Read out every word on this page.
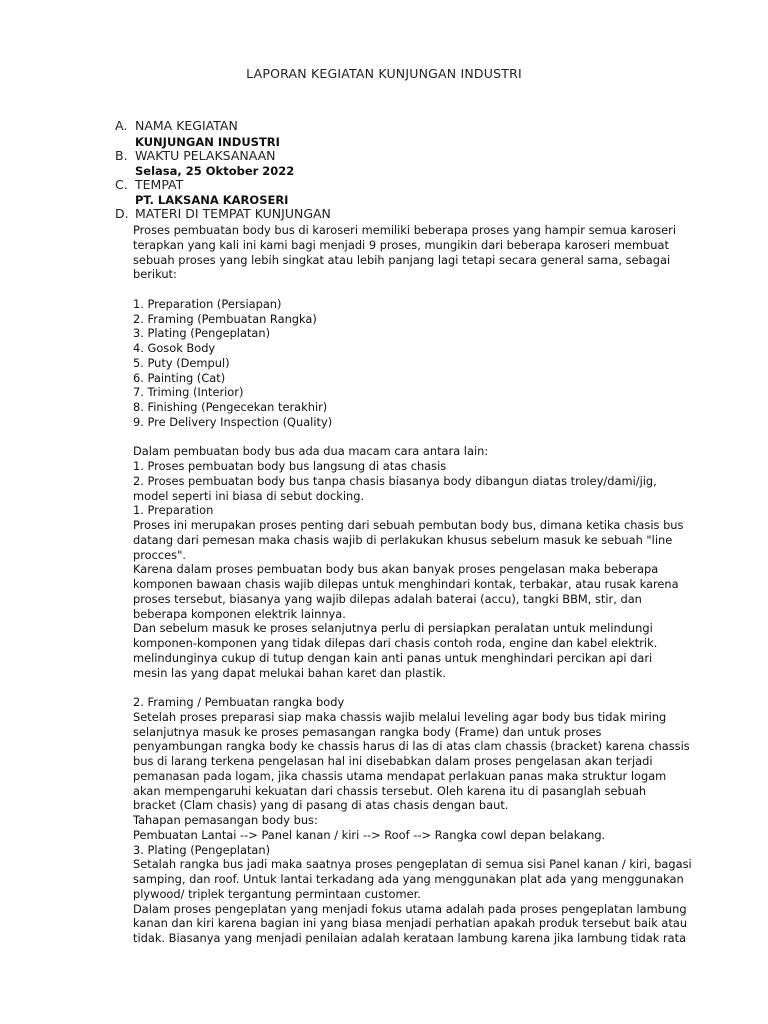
LAPORAN KEGIATAN KUNJUNGAN INDUSTRI
A. NAMA KEGIATAN
KUNJUNGAN INDUSTRI
B. WAKTU PELAKSANAAN
Selasa, 25 Oktober 2022
C. TEMPAT
PT. LAKSANA KAROSERI
D. MATERI DI TEMPAT KUNJUNGAN
Proses pembuatan body bus di karoseri memiliki beberapa proses yang hampir semua karoseri
terapkan yang kali ini kami bagi menjadi 9 proses, mungikin dari beberapa karoseri membuat
sebuah proses yang lebih singkat atau lebih panjang lagi tetapi secara general sama, sebagai
berikut:
1. Preparation (Persiapan)
2. Framing (Pembuatan Rangka)
3. Plating (Pengeplatan)
4. Gosok Body
5. Puty (Dempul)
6. Painting (Cat)
7. Triming (Interior)
8. Finishing (Pengecekan terakhir)
9. Pre Delivery Inspection (Quality)
Dalam pembuatan body bus ada dua macam cara antara lain:
1. Proses pembuatan body bus langsung di atas chasis
2. Proses pembuatan body bus tanpa chasis biasanya body dibangun diatas troley/dami/jig,
model seperti ini biasa di sebut docking.
1. Preparation
Proses ini merupakan proses penting dari sebuah pembutan body bus, dimana ketika chasis bus
datang dari pemesan maka chasis wajib di perlakukan khusus sebelum masuk ke sebuah "line
procces".
Karena dalam proses pembuatan body bus akan banyak proses pengelasan maka beberapa
komponen bawaan chasis wajib dilepas untuk menghindari kontak, terbakar, atau rusak karena
proses tersebut, biasanya yang wajib dilepas adalah baterai (accu), tangki BBM, stir, dan
beberapa komponen elektrik lainnya.
Dan sebelum masuk ke proses selanjutnya perlu di persiapkan peralatan untuk melindungi
komponen-komponen yang tidak dilepas dari chasis contoh roda, engine dan kabel elektrik.
melindunginya cukup di tutup dengan kain anti panas untuk menghindari percikan api dari
mesin las yang dapat melukai bahan karet dan plastik.
2. Framing / Pembuatan rangka body
Setelah proses preparasi siap maka chassis wajib melalui leveling agar body bus tidak miring
selanjutnya masuk ke proses pemasangan rangka body (Frame) dan untuk proses
penyambungan rangka body ke chassis harus di las di atas clam chassis (bracket) karena chassis
bus di larang terkena pengelasan hal ini disebabkan dalam proses pengelasan akan terjadi
pemanasan pada logam, jika chassis utama mendapat perlakuan panas maka struktur logam
akan mempengaruhi kekuatan dari chassis tersebut. Oleh karena itu di pasanglah sebuah
bracket (Clam chasis) yang di pasang di atas chasis dengan baut.
Tahapan pemasangan body bus:
Pembuatan Lantai --> Panel kanan / kiri --> Roof --> Rangka cowl depan belakang.
3. Plating (Pengeplatan)
Setalah rangka bus jadi maka saatnya proses pengeplatan di semua sisi Panel kanan / kiri, bagasi
samping, dan roof. Untuk lantai terkadang ada yang menggunakan plat ada yang menggunakan
plywood/ triplek tergantung permintaan customer.
Dalam proses pengeplatan yang menjadi fokus utama adalah pada proses pengeplatan lambung
kanan dan kiri karena bagian ini yang biasa menjadi perhatian apakah produk tersebut baik atau
tidak. Biasanya yang menjadi penilaian adalah kerataan lambung karena jika lambung tidak rata
